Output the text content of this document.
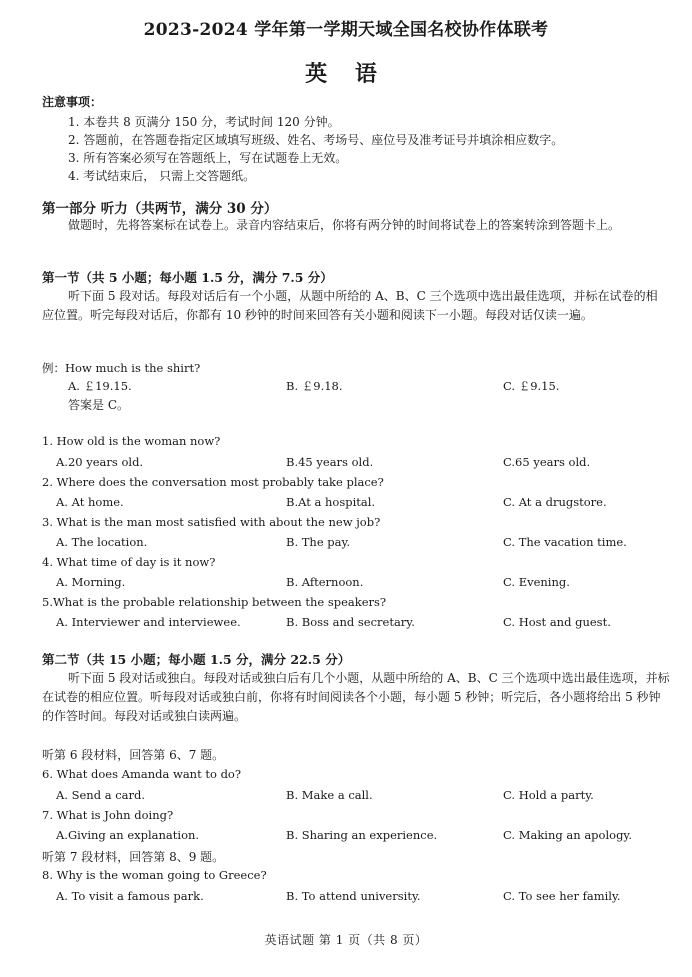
2023-2024 学年第一学期天域全国名校协作体联考
英 语
注意事项：
1. 本卷共 8 页满分 150 分，考试时间 120 分钟。
2. 答题前，在答题卷指定区域填写班级、姓名、考场号、座位号及准考证号并填涂相应数字。
3. 所有答案必须写在答题纸上，写在试题卷上无效。
4. 考试结束后， 只需上交答题纸。
第一部分 听力（共两节，满分 30 分）
做题时，先将答案标在试卷上。录音内容结束后，你将有两分钟的时间将试卷上的答案转涂到答题卡上。
第一节（共 5 小题；每小题 1.5 分，满分 7.5 分）
听下面 5 段对话。每段对话后有一个小题，从题中所给的 A、B、C 三个选项中选出最佳选项，并标在试卷的相应位置。听完每段对话后，你都有 10 秒钟的时间来回答有关小题和阅读下一小题。每段对话仅读一遍。
例：How much is the shirt?
A. ￡19.15.	B. ￡9.18.	C. ￡9.15.
答案是 C。
1. How old is the woman now?
A.20 years old.	B.45 years old.	C.65 years old.
2. Where does the conversation most probably take place?
A. At home.	B.At a hospital.	C. At a drugstore.
3. What is the man most satisfied with about the new job?
A. The location.	B. The pay.	C. The vacation time.
4. What time of day is it now?
A. Morning.	B. Afternoon.	C. Evening.
5.What is the probable relationship between the speakers?
A. Interviewer and interviewee.	B. Boss and secretary.	C. Host and guest.
第二节（共 15 小题；每小题 1.5 分，满分 22.5 分）
听下面 5 段对话或独白。每段对话或独白后有几个小题，从题中所给的 A、B、C 三个选项中选出最佳选项，并标在试卷的相应位置。听每段对话或独白前，你将有时间阅读各个小题，每小题 5 秒钟；听完后，各小题将给出 5 秒钟的作答时间。每段对话或独白读两遍。
听第 6 段材料，回答第 6、7 题。
6. What does Amanda want to do?
A. Send a card.	B. Make a call.	C. Hold a party.
7. What is John doing?
A.Giving an explanation.	B. Sharing an experience.	C. Making an apology.
听第 7 段材料，回答第 8、9 题。
8. Why is the woman going to Greece?
A. To visit a famous park.	B. To attend university.	C. To see her family.
英语试题 第 1 页（共 8 页）
